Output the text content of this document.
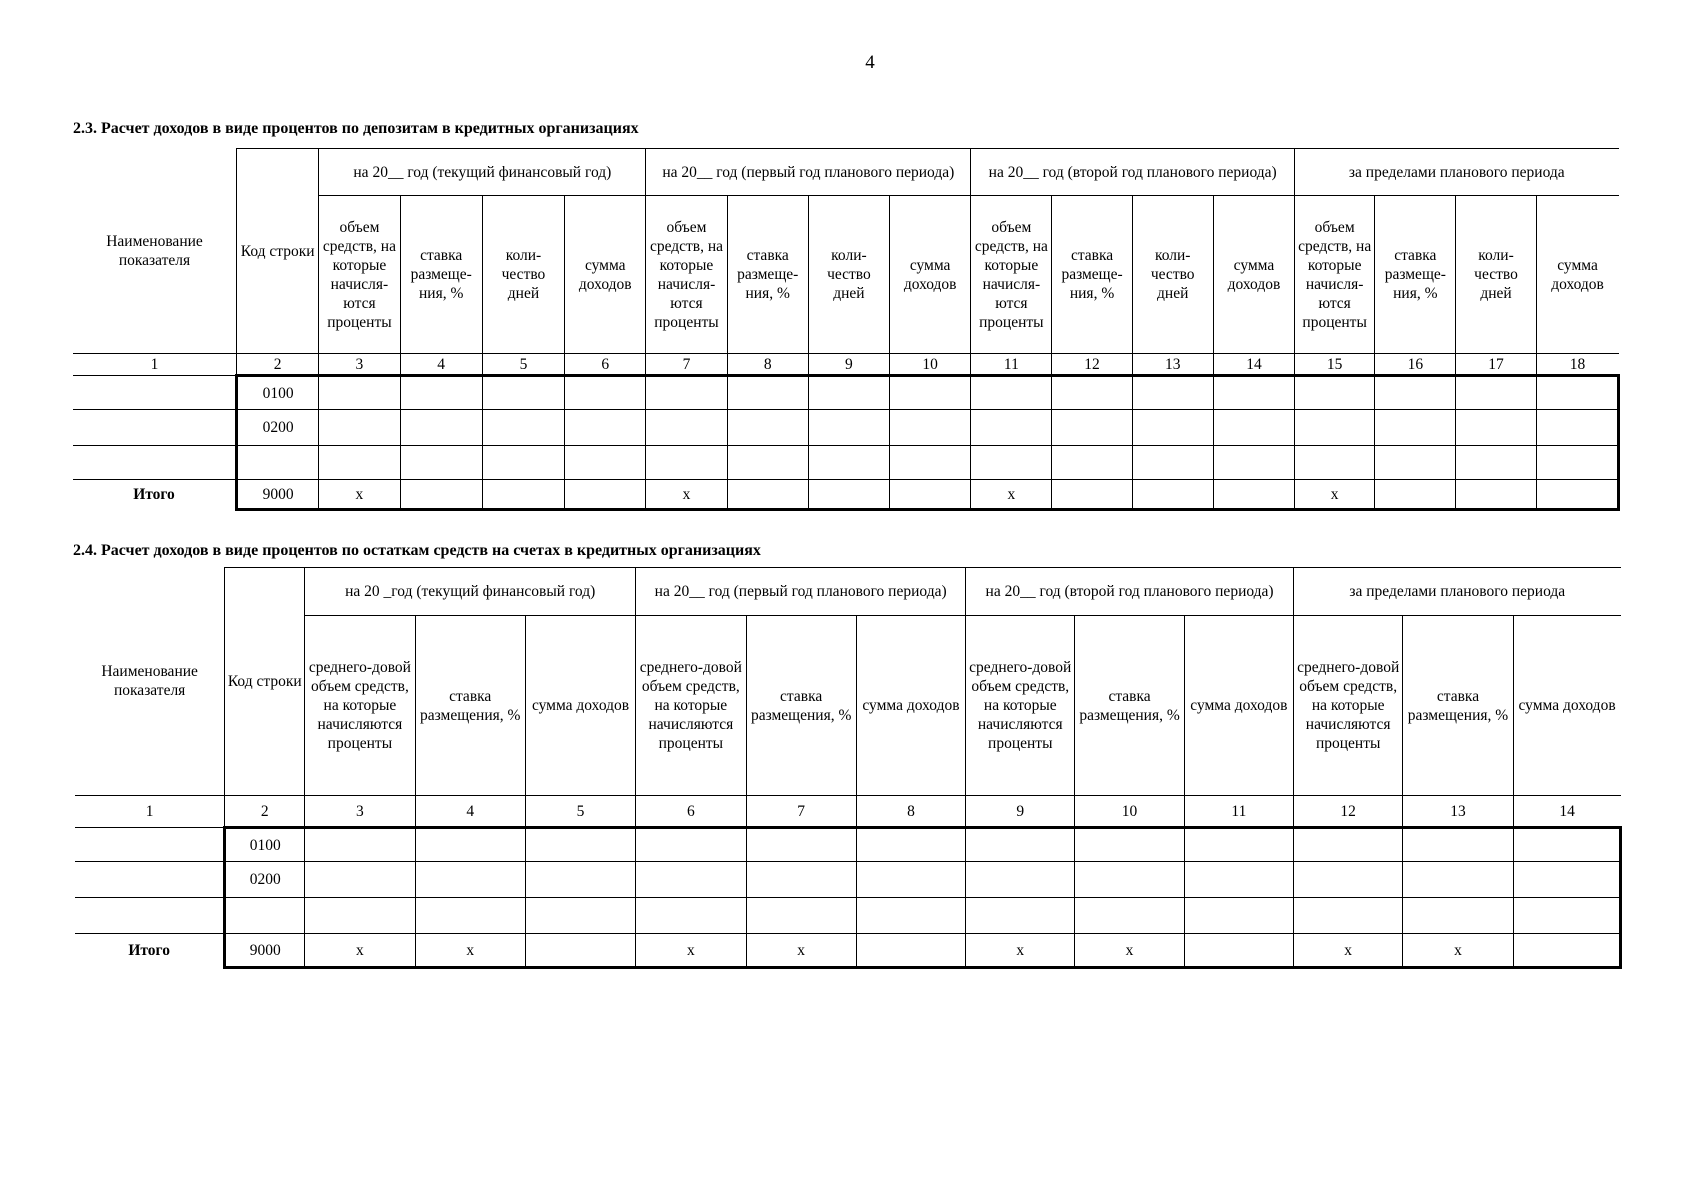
4
2.3. Расчет доходов в виде процентов по депозитам в кредитных организациях
Наименование показателя	Код строки	на 20__ год (текущий финансовый год)				на 20__ год (первый год планового периода)				на 20__ год (второй год планового периода)				за пределами планового периода			
		объем средств, на которые начисля-ются проценты	ставка размеще-ния, %	коли-чество дней	сумма доходов	объем средств, на которые начисля-ются проценты	ставка размеще-ния, %	коли-чество дней	сумма доходов	объем средств, на которые начисля-ются проценты	ставка размеще-ния, %	коли-чество дней	сумма доходов	объем средств, на которые начисля-ются проценты	ставка размеще-ния, %	коли-чество дней	сумма доходов
1	2	3	4	5	6	7	8	9	10	11	12	13	14	15	16	17	18
	0100																
	0200																

Итого	9000	x				x				x				x			
2.4. Расчет доходов в виде процентов по остаткам средств на счетах в кредитных организациях
Наименование показателя	Код строки	на 20 _год (текущий финансовый год)			на 20__ год (первый год планового периода)			на 20__ год (второй год планового периода)			за пределами планового периода		
		среднего-довой объем средств, на которые начисляются проценты	ставка размещения, %	сумма доходов	среднего-довой объем средств, на которые начисляются проценты	ставка размещения, %	сумма доходов	среднего-довой объем средств, на которые начисляются проценты	ставка размещения, %	сумма доходов	среднего-довой объем средств, на которые начисляются проценты	ставка размещения, %	сумма доходов
1	2	3	4	5	6	7	8	9	10	11	12	13	14
	0100												
	0200												

Итого	9000	x	x		x	x		x	x		x	x	
